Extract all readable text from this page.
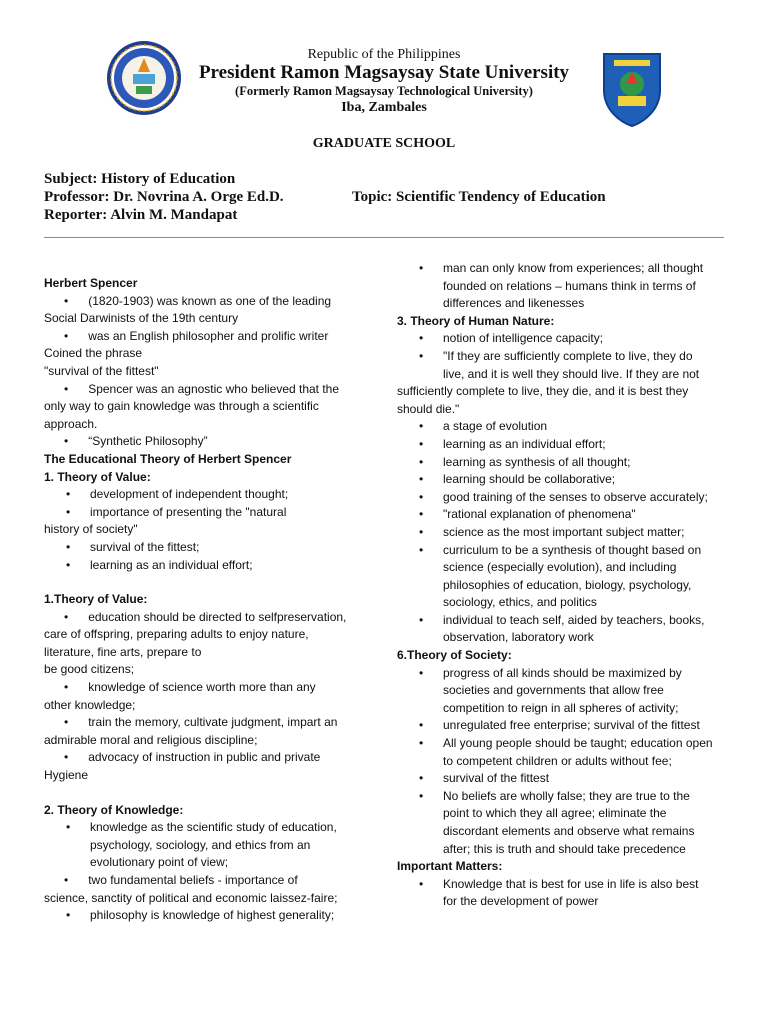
Republic of the Philippines
President Ramon Magsaysay State University
(Formerly Ramon Magsaysay Technological University)
Iba, Zambales
GRADUATE SCHOOL
Subject: History of Education
Professor: Dr. Novrina A. Orge Ed.D.	Topic: Scientific Tendency of Education
Reporter: Alvin M. Mandapat
Herbert Spencer
•      (1820-1903) was known as one of the leading
Social Darwinists of the 19th century
•      was an English philosopher and prolific writer
Coined the phrase
"survival of the fittest"
•      Spencer was an agnostic who believed that the
only way to gain knowledge was through a scientific
approach.
•      “Synthetic Philosophy”
The Educational Theory of Herbert Spencer
1. Theory of Value:
• development of independent thought;
• importance of presenting the "natural
history of society"
• survival of the fittest;
• learning as an individual effort;
1.Theory of Value:
•      education should be directed to selfpreservation,
care of offspring, preparing adults to enjoy nature,
literature, fine arts, prepare to
be good citizens;
•      knowledge of science worth more than any
other knowledge;
•      train the memory, cultivate judgment, impart an
admirable moral and religious discipline;
•      advocacy of instruction in public and private
Hygiene
2. Theory of Knowledge:
• knowledge as the scientific study of education,
psychology, sociology, and ethics from an
evolutionary point of view;
•      two fundamental beliefs - importance of
science, sanctity of political and economic laissez-faire;
• philosophy is knowledge of highest generality;
• man can only know from experiences; all thought
founded on relations – humans think in terms of
differences and likenesses
3. Theory of Human Nature:
• notion of intelligence capacity;
• "If they are sufficiently complete to live, they do
live, and it is well they should live. If they are not
sufficiently complete to live, they die, and it is best they
should die."
• a stage of evolution
• learning as an individual effort;
• learning as synthesis of all thought;
• learning should be collaborative;
• good training of the senses to observe accurately;
• "rational explanation of phenomena"
• science as the most important subject matter;
• curriculum to be a synthesis of thought based on
science (especially evolution), and including
philosophies of education, biology, psychology,
sociology, ethics, and politics
• individual to teach self, aided by teachers, books,
observation, laboratory work
6.Theory of Society:
• progress of all kinds should be maximized by
societies and governments that allow free
competition to reign in all spheres of activity;
• unregulated free enterprise; survival of the fittest
• All young people should be taught; education open
to competent children or adults without fee;
• survival of the fittest
• No beliefs are wholly false; they are true to the
point to which they all agree; eliminate the
discordant elements and observe what remains
after; this is truth and should take precedence
Important Matters:
• Knowledge that is best for use in life is also best
for the development of power
